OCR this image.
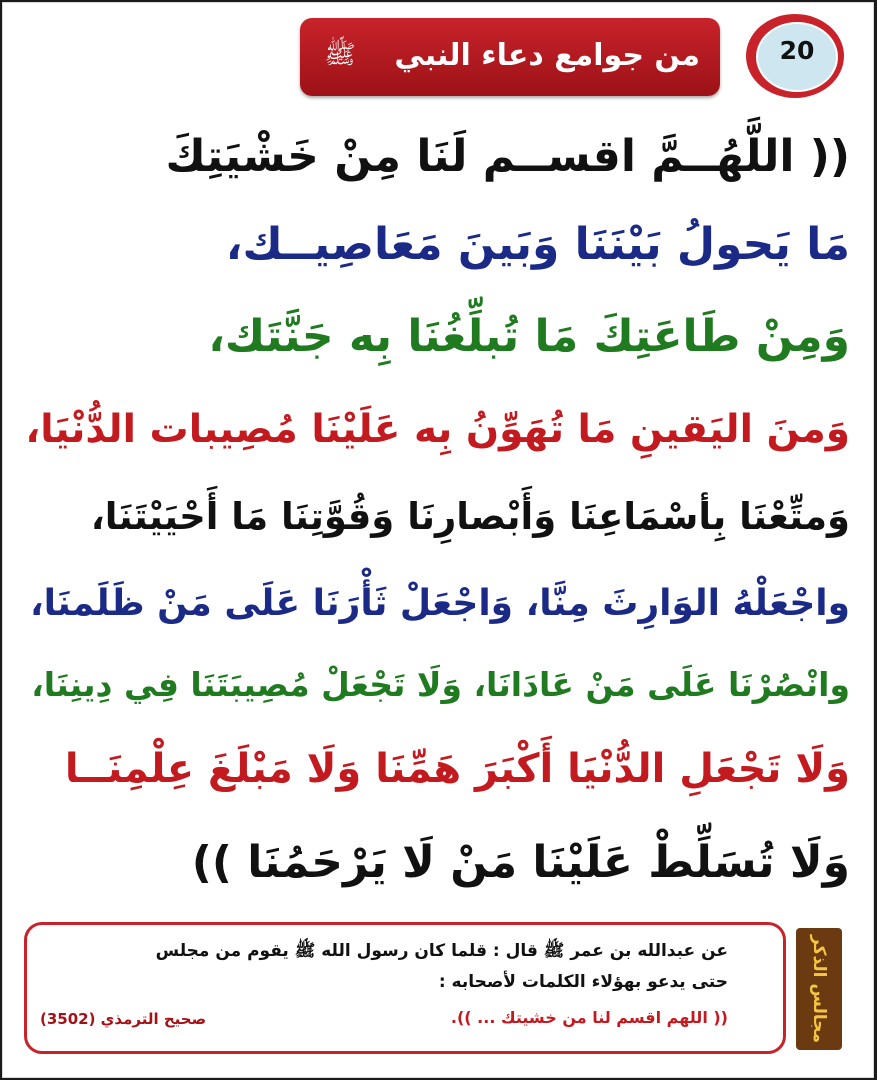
من جوامع دعاء النبي
ﷺ	20
(( اللَّهُــمَّ اقســم لَنَا مِنْ خَشْيَتِكَ
مَا يَحولُ بَيْنَنَا وَبَينَ مَعَاصِيــك،
وَمِنْ طَاعَتِكَ مَا تُبلِّغُنَا بِه جَنَّتَك،
وَمنَ اليَقينِ مَا تُهَوِّنُ بِه عَلَيْنَا مُصِيبات الدُّنْيَا،
وَمتِّعْنَا بِأسْمَاعِنَا وَأَبْصارِنَا وَقُوَّتِنَا مَا أَحْيَيْتَنَا،
واجْعَلْهُ الوَارِثَ مِنَّا، وَاجْعَلْ ثَأْرَنَا عَلَى مَنْ ظَلَمنَا،
وانْصُرْنَا عَلَى مَنْ عَادَانَا، وَلَا تَجْعَلْ مُصِيبَتَنَا فِي دِينِنَا،
وَلَا تَجْعَلِ الدُّنْيَا أَكْبَرَ هَمِّنَا وَلَا مَبْلَغَ عِلْمِنَــا
وَلَا تُسَلِّطْ عَلَيْنَا مَنْ لَا يَرْحَمُنَا ))
عن عبدالله بن عمر ﷺ قال : قلما كان رسول الله ﷺ يقوم من مجلس
حتى يدعو بهؤلاء الكلمات لأصحابه :
(( اللهم اقسم لنا من خشيتك ... )).
صحيح الترمذي (3502)	مجالس الذكر
